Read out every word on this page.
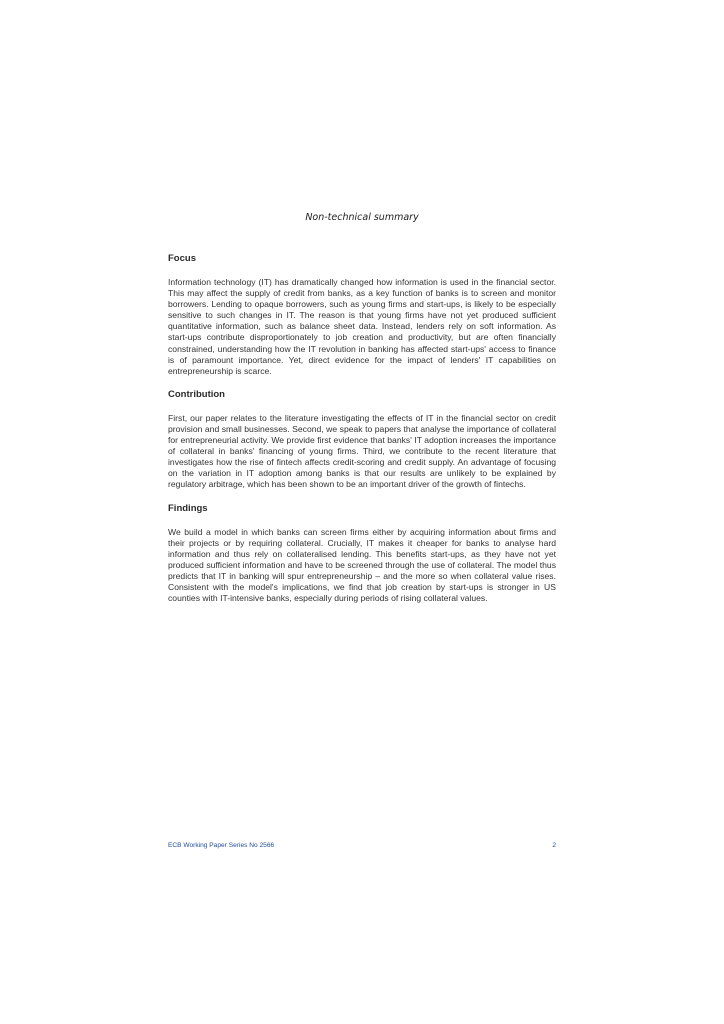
Non-technical summary
Focus

Information technology (IT) has dramatically changed how information is used in the financial sector. This may affect the supply of credit from banks, as a key function of banks is to screen and monitor borrowers. Lending to opaque borrowers, such as young firms and start-ups, is likely to be especially sensitive to such changes in IT. The reason is that young firms have not yet produced sufficient quantitative information, such as balance sheet data. Instead, lenders rely on soft information. As start-ups contribute disproportionately to job creation and productivity, but are often financially constrained, understanding how the IT revolution in banking has affected start-ups' access to finance is of paramount importance. Yet, direct evidence for the impact of lenders' IT capabilities on entrepreneurship is scarce.

Contribution

First, our paper relates to the literature investigating the effects of IT in the financial sector on credit provision and small businesses. Second, we speak to papers that analyse the importance of collateral for entrepreneurial activity. We provide first evidence that banks' IT adoption increases the importance of collateral in banks' financing of young firms. Third, we contribute to the recent literature that investigates how the rise of fintech affects credit-scoring and credit supply. An advantage of focusing on the variation in IT adoption among banks is that our results are unlikely to be explained by regulatory arbitrage, which has been shown to be an important driver of the growth of fintechs.

Findings

We build a model in which banks can screen firms either by acquiring information about firms and their projects or by requiring collateral. Crucially, IT makes it cheaper for banks to analyse hard information and thus rely on collateralised lending. This benefits start-ups, as they have not yet produced sufficient information and have to be screened through the use of collateral. The model thus predicts that IT in banking will spur entrepreneurship – and the more so when collateral value rises. Consistent with the model's implications, we find that job creation by start-ups is stronger in US counties with IT-intensive banks, especially during periods of rising collateral values.

ECB Working Paper Series No 2566	2
